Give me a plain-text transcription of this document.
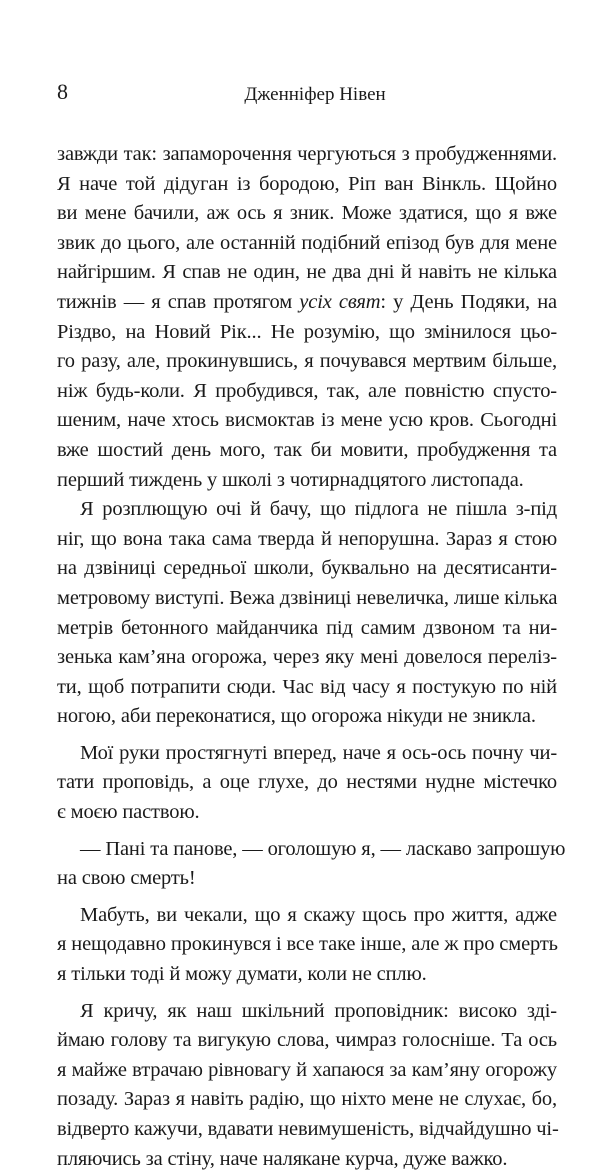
8	Дженніфер Нівен
завжди так: запаморочення чергуються з пробудженнями.
Я наче той дідуган із бородою, Ріп ван Вінкль. Щойно
ви мене бачили, аж ось я зник. Може здатися, що я вже
звик до цього, але останній подібний епізод був для мене
найгіршим. Я спав не один, не два дні й навіть не кілька
тижнів — я спав протягом усіх свят: у День Подяки, на
Різдво, на Новий Рік... Не розумію, що змінилося цьо-
го разу, але, прокинувшись, я почувався мертвим більше,
ніж будь-коли. Я пробудився, так, але повністю спусто-
шеним, наче хтось висмоктав із мене усю кров. Сьогодні
вже шостий день мого, так би мовити, пробудження та
перший тиждень у школі з чотирнадцятого листопада.
Я розплющую очі й бачу, що підлога не пішла з-під
ніг, що вона така сама тверда й непорушна. Зараз я стою
на дзвіниці середньої школи, буквально на десятисанти-
метровому виступі. Вежа дзвіниці невеличка, лише кілька
метрів бетонного майданчика під самим дзвоном та ни-
зенька кам’яна огорожа, через яку мені довелося перелiз-
ти, щоб потрапити сюди. Час від часу я постукую по ній
ногою, аби переконатися, що огорожа нікуди не зникла.
Мої руки простягнуті вперед, наче я ось-ось почну чи-
тати проповідь, а оце глухе, до нестями нудне містечко
є моєю паствою.
— Пані та панове, — оголошую я, — ласкаво запрошую
на свою смерть!
Мабуть, ви чекали, що я скажу щось про життя, адже
я нещодавно прокинувся і все таке інше, але ж про смерть
я тільки тоді й можу думати, коли не сплю.
Я кричу, як наш шкільний проповідник: високо зді-
ймаю голову та вигукую слова, чимраз голосніше. Та ось
я майже втрачаю рівновагу й хапаюся за кам’яну огорожу
позаду. Зараз я навіть радію, що ніхто мене не слухає, бо,
відверто кажучи, вдавати невимушеність, відчайдушно чі-
пляючись за стіну, наче налякане курча, дуже важко.
